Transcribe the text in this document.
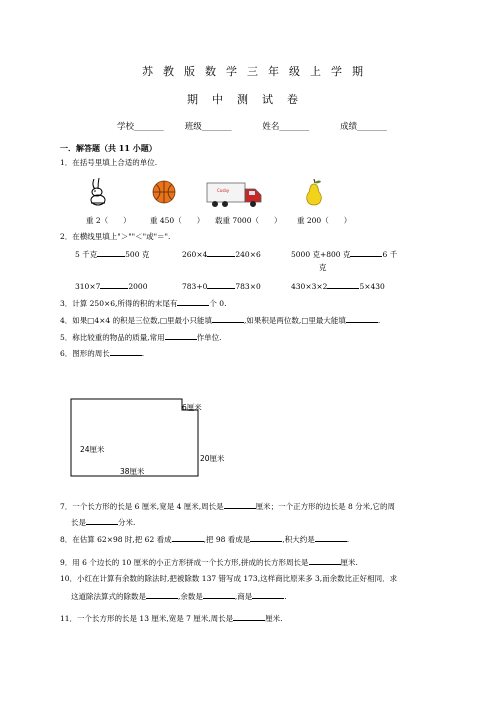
苏教版数学三年级上学期
期中测试卷
学校_______ 班级_______	姓名_______	成绩_______
一．解答题（共 11 小题）
1．在括号里填上合适的单位.
Cosby
重 2（　　）	重 450（　　） 载重 7000（　　） 重 200（　　）
2．在横线里填上"＞""＜"或"＝".
5 千克	500 克	260×4	240×6	5000 克+800 克	6 千
克
310×7	2000	783+0	783×0	430×3×2	5×430
3．计算 250×6,所得的积的末尾有	个 0.
4．如果□4×4 的积是三位数,□里最小只能填	,如果积是两位数,□里最大能填	.
5．称比较重的物品的质量,常用	作单位.
6．图形的周长	.
6厘米
24厘米
20厘米
38厘米
7．一个长方形的长是 6 厘米,宽是 4 厘米,周长是	厘米；一个正方形的边长是 8 分米,它的周
长是	分米.
8．在估算 62×98 时,把 62 看成	,把 98 看成是	,积大约是	.
9．用 6 个边长的 10 厘米的小正方形拼成一个长方形,拼成的长方形周长是	厘米.
10．小红在计算有余数的除法时,把被除数 137 错写成 173,这样商比原来多 3,而余数比正好相同．求
这道除法算式的除数是	,余数是	,商是	.
11．一个长方形的长是 13 厘米,宽是 7 厘米,周长是	厘米.
